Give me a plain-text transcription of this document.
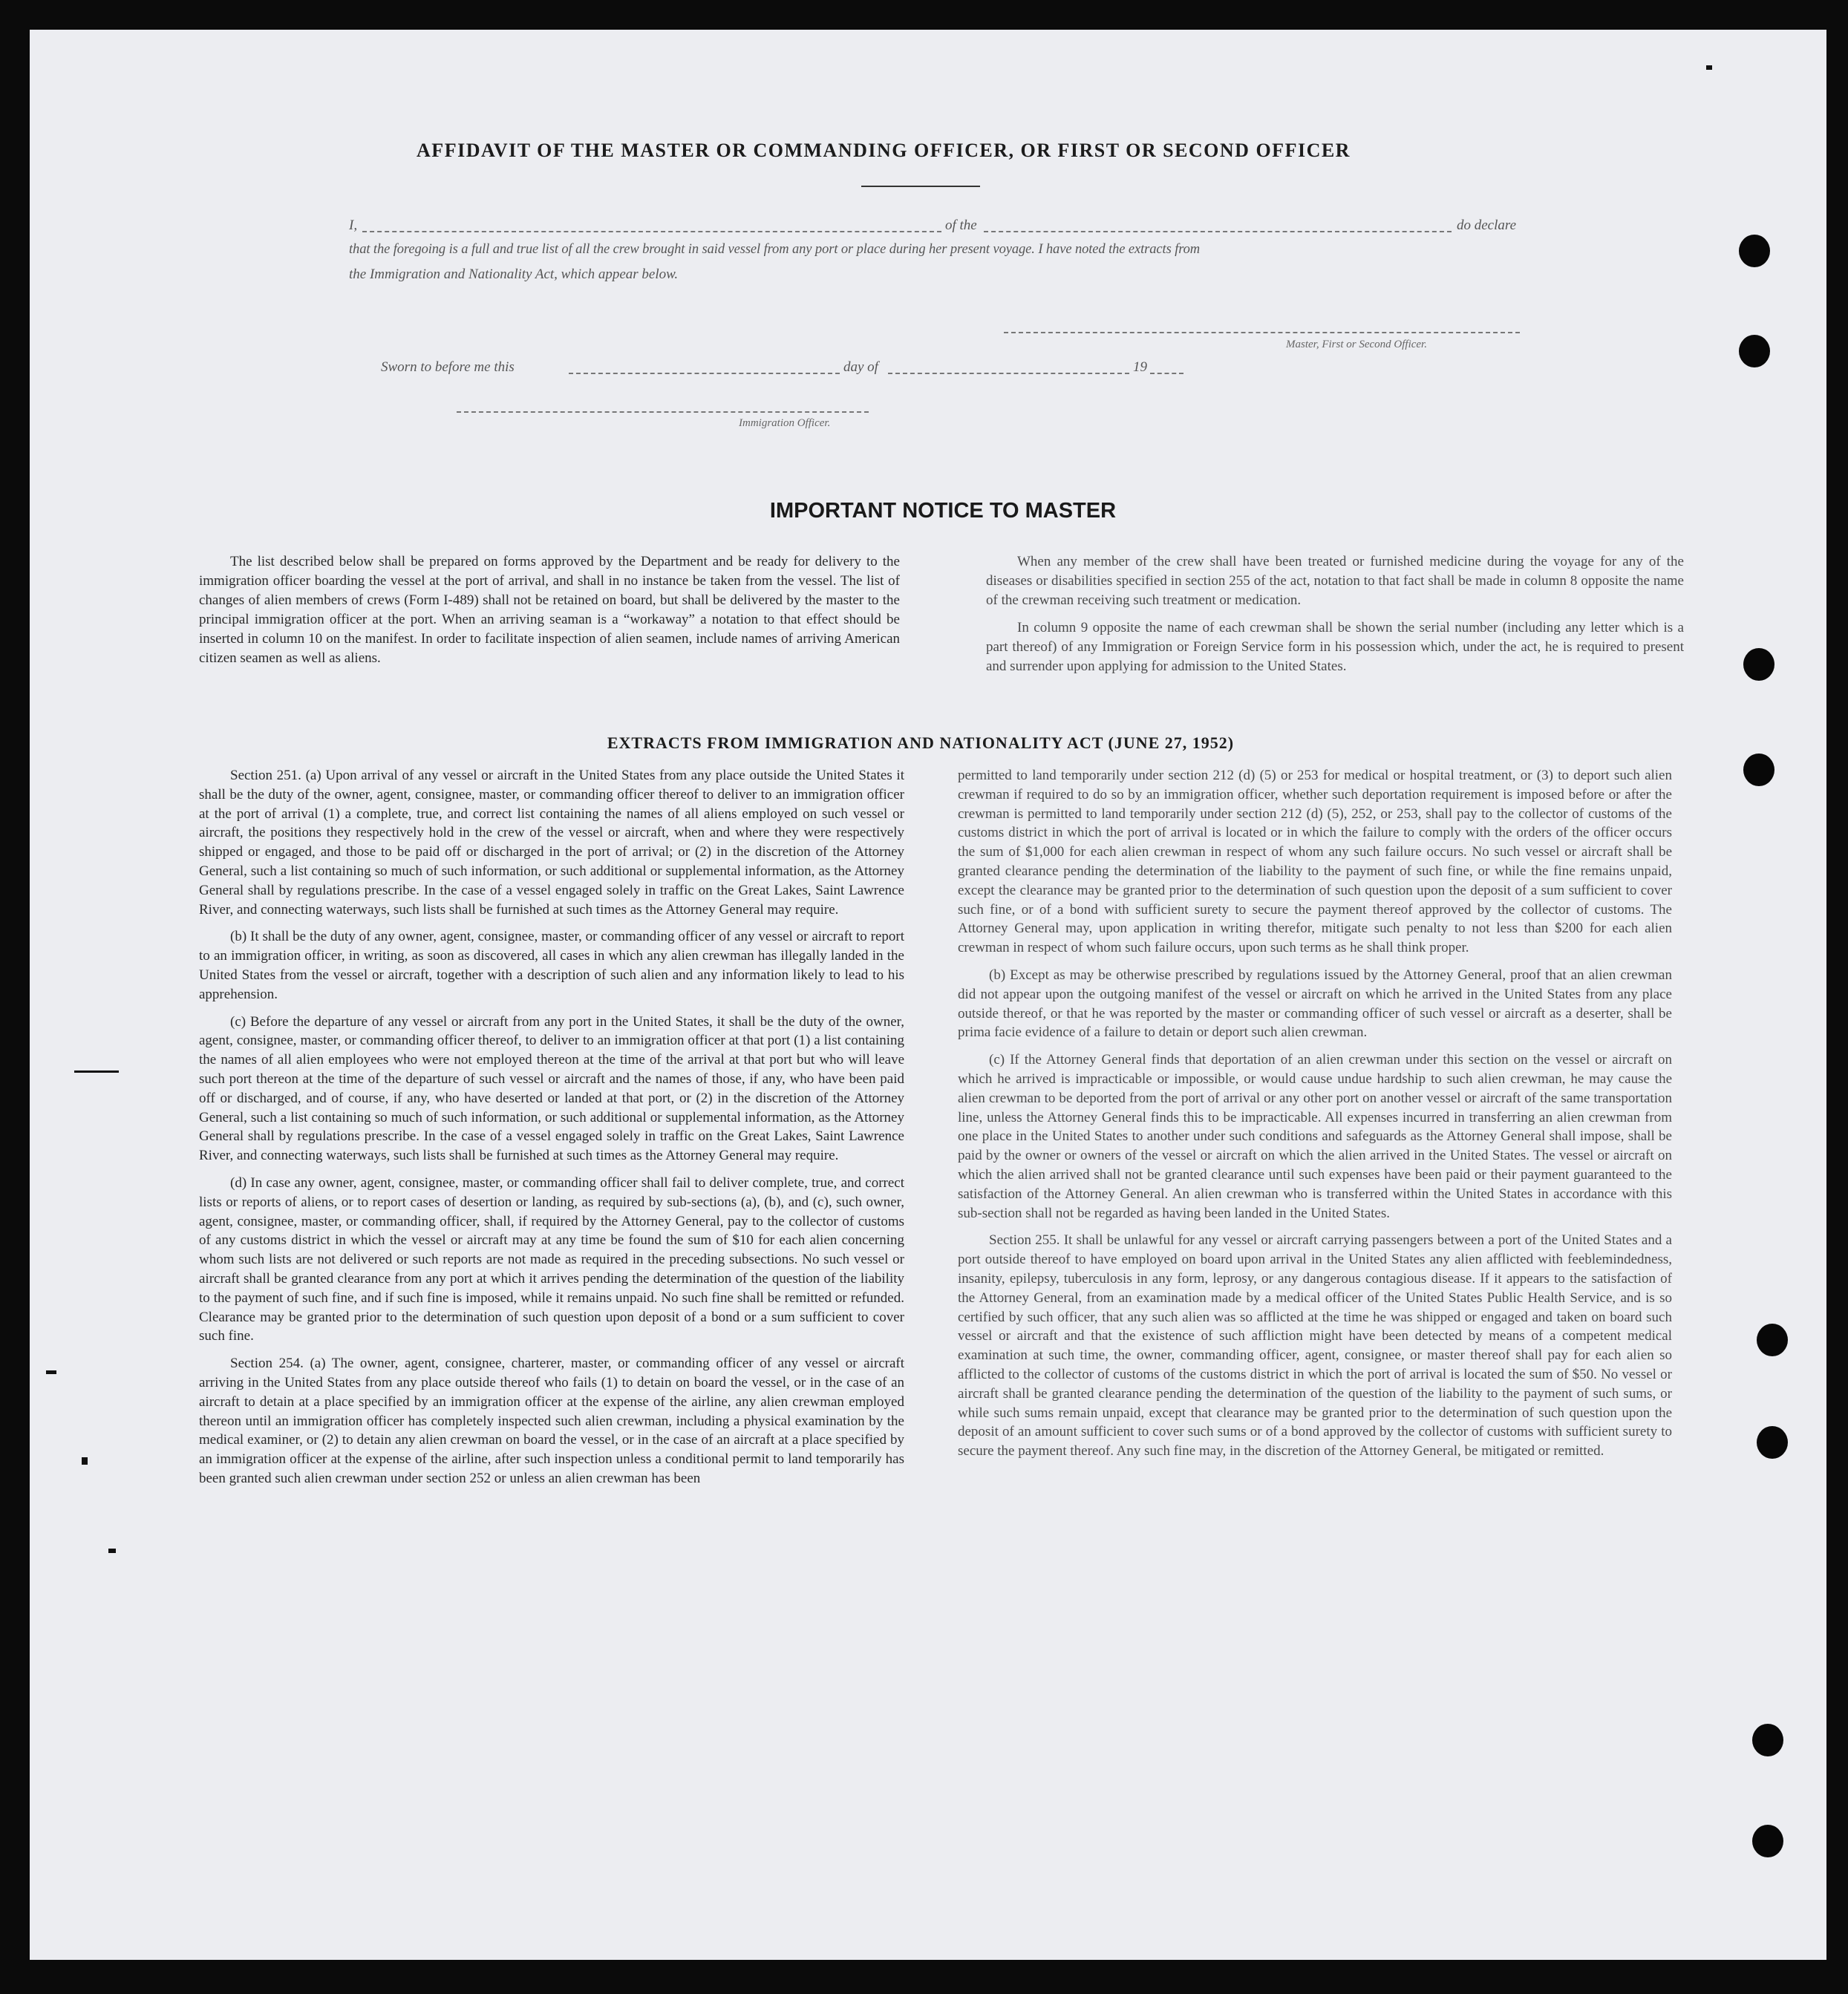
AFFIDAVIT OF THE MASTER OR COMMANDING OFFICER, OR FIRST OR SECOND OFFICER
I,	of the	do declare
that the foregoing is a full and true list of all the crew brought in said vessel from any port or place during her present voyage. I have noted the extracts from
the Immigration and Nationality Act, which appear below.
Master, First or Second Officer.
Sworn to before me this	day of	19
Immigration Officer.
IMPORTANT NOTICE TO MASTER

The list described below shall be prepared on forms approved by the Department and be ready for delivery to the immigration officer boarding the vessel at the port of arrival, and shall in no instance be taken from the vessel. The list of changes of alien members of crews (Form I-489) shall not be retained on board, but shall be delivered by the master to the principal immigration officer at the port. When an arriving seaman is a “workaway” a notation to that effect should be inserted in column 10 on the manifest. In order to facilitate inspection of alien seamen, include names of arriving American citizen seamen as well as aliens.

When any member of the crew shall have been treated or furnished medicine during the voyage for any of the diseases or disabilities specified in section 255 of the act, notation to that fact shall be made in column 8 opposite the name of the crewman receiving such treatment or medication.

In column 9 opposite the name of each crewman shall be shown the serial number (including any letter which is a part thereof) of any Immigration or Foreign Service form in his possession which, under the act, he is required to present and surrender upon applying for admission to the United States.

EXTRACTS FROM IMMIGRATION AND NATIONALITY ACT (JUNE 27, 1952)

Section 251. (a) Upon arrival of any vessel or aircraft in the United States from any place outside the United States it shall be the duty of the owner, agent, consignee, master, or commanding officer thereof to deliver to an immigration officer at the port of arrival (1) a complete, true, and correct list containing the names of all aliens employed on such vessel or aircraft, the positions they respectively hold in the crew of the vessel or aircraft, when and where they were respectively shipped or engaged, and those to be paid off or discharged in the port of arrival; or (2) in the discretion of the Attorney General, such a list containing so much of such information, or such additional or supplemental information, as the Attorney General shall by regulations prescribe. In the case of a vessel engaged solely in traffic on the Great Lakes, Saint Lawrence River, and connecting waterways, such lists shall be furnished at such times as the Attorney General may require.

(b) It shall be the duty of any owner, agent, consignee, master, or commanding officer of any vessel or aircraft to report to an immigration officer, in writing, as soon as discovered, all cases in which any alien crewman has illegally landed in the United States from the vessel or aircraft, together with a description of such alien and any information likely to lead to his apprehension.

(c) Before the departure of any vessel or aircraft from any port in the United States, it shall be the duty of the owner, agent, consignee, master, or commanding officer thereof, to deliver to an immigration officer at that port (1) a list containing the names of all alien employees who were not employed thereon at the time of the arrival at that port but who will leave such port thereon at the time of the departure of such vessel or aircraft and the names of those, if any, who have been paid off or discharged, and of course, if any, who have deserted or landed at that port, or (2) in the discretion of the Attorney General, such a list containing so much of such information, or such additional or supplemental information, as the Attorney General shall by regulations prescribe. In the case of a vessel engaged solely in traffic on the Great Lakes, Saint Lawrence River, and connecting waterways, such lists shall be furnished at such times as the Attorney General may require.

(d) In case any owner, agent, consignee, master, or commanding officer shall fail to deliver complete, true, and correct lists or reports of aliens, or to report cases of desertion or landing, as required by sub-sections (a), (b), and (c), such owner, agent, consignee, master, or commanding officer, shall, if required by the Attorney General, pay to the collector of customs of any customs district in which the vessel or aircraft may at any time be found the sum of $10 for each alien concerning whom such lists are not delivered or such reports are not made as required in the preceding subsections. No such vessel or aircraft shall be granted clearance from any port at which it arrives pending the determination of the question of the liability to the payment of such fine, and if such fine is imposed, while it remains unpaid. No such fine shall be remitted or refunded. Clearance may be granted prior to the determination of such question upon deposit of a bond or a sum sufficient to cover such fine.

Section 254. (a) The owner, agent, consignee, charterer, master, or commanding officer of any vessel or aircraft arriving in the United States from any place outside thereof who fails (1) to detain on board the vessel, or in the case of an aircraft to detain at a place specified by an immigration officer at the expense of the airline, any alien crewman employed thereon until an immigration officer has completely inspected such alien crewman, including a physical examination by the medical examiner, or (2) to detain any alien crewman on board the vessel, or in the case of an aircraft at a place specified by an immigration officer at the expense of the airline, after such inspection unless a conditional permit to land temporarily has been granted such alien crewman under section 252 or unless an alien crewman has been

permitted to land temporarily under section 212 (d) (5) or 253 for medical or hospital treatment, or (3) to deport such alien crewman if required to do so by an immigration officer, whether such deportation requirement is imposed before or after the crewman is permitted to land temporarily under section 212 (d) (5), 252, or 253, shall pay to the collector of customs of the customs district in which the port of arrival is located or in which the failure to comply with the orders of the officer occurs the sum of $1,000 for each alien crewman in respect of whom any such failure occurs. No such vessel or aircraft shall be granted clearance pending the determination of the liability to the payment of such fine, or while the fine remains unpaid, except the clearance may be granted prior to the determination of such question upon the deposit of a sum sufficient to cover such fine, or of a bond with sufficient surety to secure the payment thereof approved by the collector of customs. The Attorney General may, upon application in writing therefor, mitigate such penalty to not less than $200 for each alien crewman in respect of whom such failure occurs, upon such terms as he shall think proper.

(b) Except as may be otherwise prescribed by regulations issued by the Attorney General, proof that an alien crewman did not appear upon the outgoing manifest of the vessel or aircraft on which he arrived in the United States from any place outside thereof, or that he was reported by the master or commanding officer of such vessel or aircraft as a deserter, shall be prima facie evidence of a failure to detain or deport such alien crewman.

(c) If the Attorney General finds that deportation of an alien crewman under this section on the vessel or aircraft on which he arrived is impracticable or impossible, or would cause undue hardship to such alien crewman, he may cause the alien crewman to be deported from the port of arrival or any other port on another vessel or aircraft of the same transportation line, unless the Attorney General finds this to be impracticable. All expenses incurred in transferring an alien crewman from one place in the United States to another under such conditions and safeguards as the Attorney General shall impose, shall be paid by the owner or owners of the vessel or aircraft on which the alien arrived in the United States. The vessel or aircraft on which the alien arrived shall not be granted clearance until such expenses have been paid or their payment guaranteed to the satisfaction of the Attorney General. An alien crewman who is transferred within the United States in accordance with this sub-section shall not be regarded as having been landed in the United States.

Section 255. It shall be unlawful for any vessel or aircraft carrying passengers between a port of the United States and a port outside thereof to have employed on board upon arrival in the United States any alien afflicted with feeblemindedness, insanity, epilepsy, tuberculosis in any form, leprosy, or any dangerous contagious disease. If it appears to the satisfaction of the Attorney General, from an examination made by a medical officer of the United States Public Health Service, and is so certified by such officer, that any such alien was so afflicted at the time he was shipped or engaged and taken on board such vessel or aircraft and that the existence of such affliction might have been detected by means of a competent medical examination at such time, the owner, commanding officer, agent, consignee, or master thereof shall pay for each alien so afflicted to the collector of customs of the customs district in which the port of arrival is located the sum of $50. No vessel or aircraft shall be granted clearance pending the determination of the question of the liability to the payment of such sums, or while such sums remain unpaid, except that clearance may be granted prior to the determination of such question upon the deposit of an amount sufficient to cover such sums or of a bond approved by the collector of customs with sufficient surety to secure the payment thereof. Any such fine may, in the discretion of the Attorney General, be mitigated or remitted.
